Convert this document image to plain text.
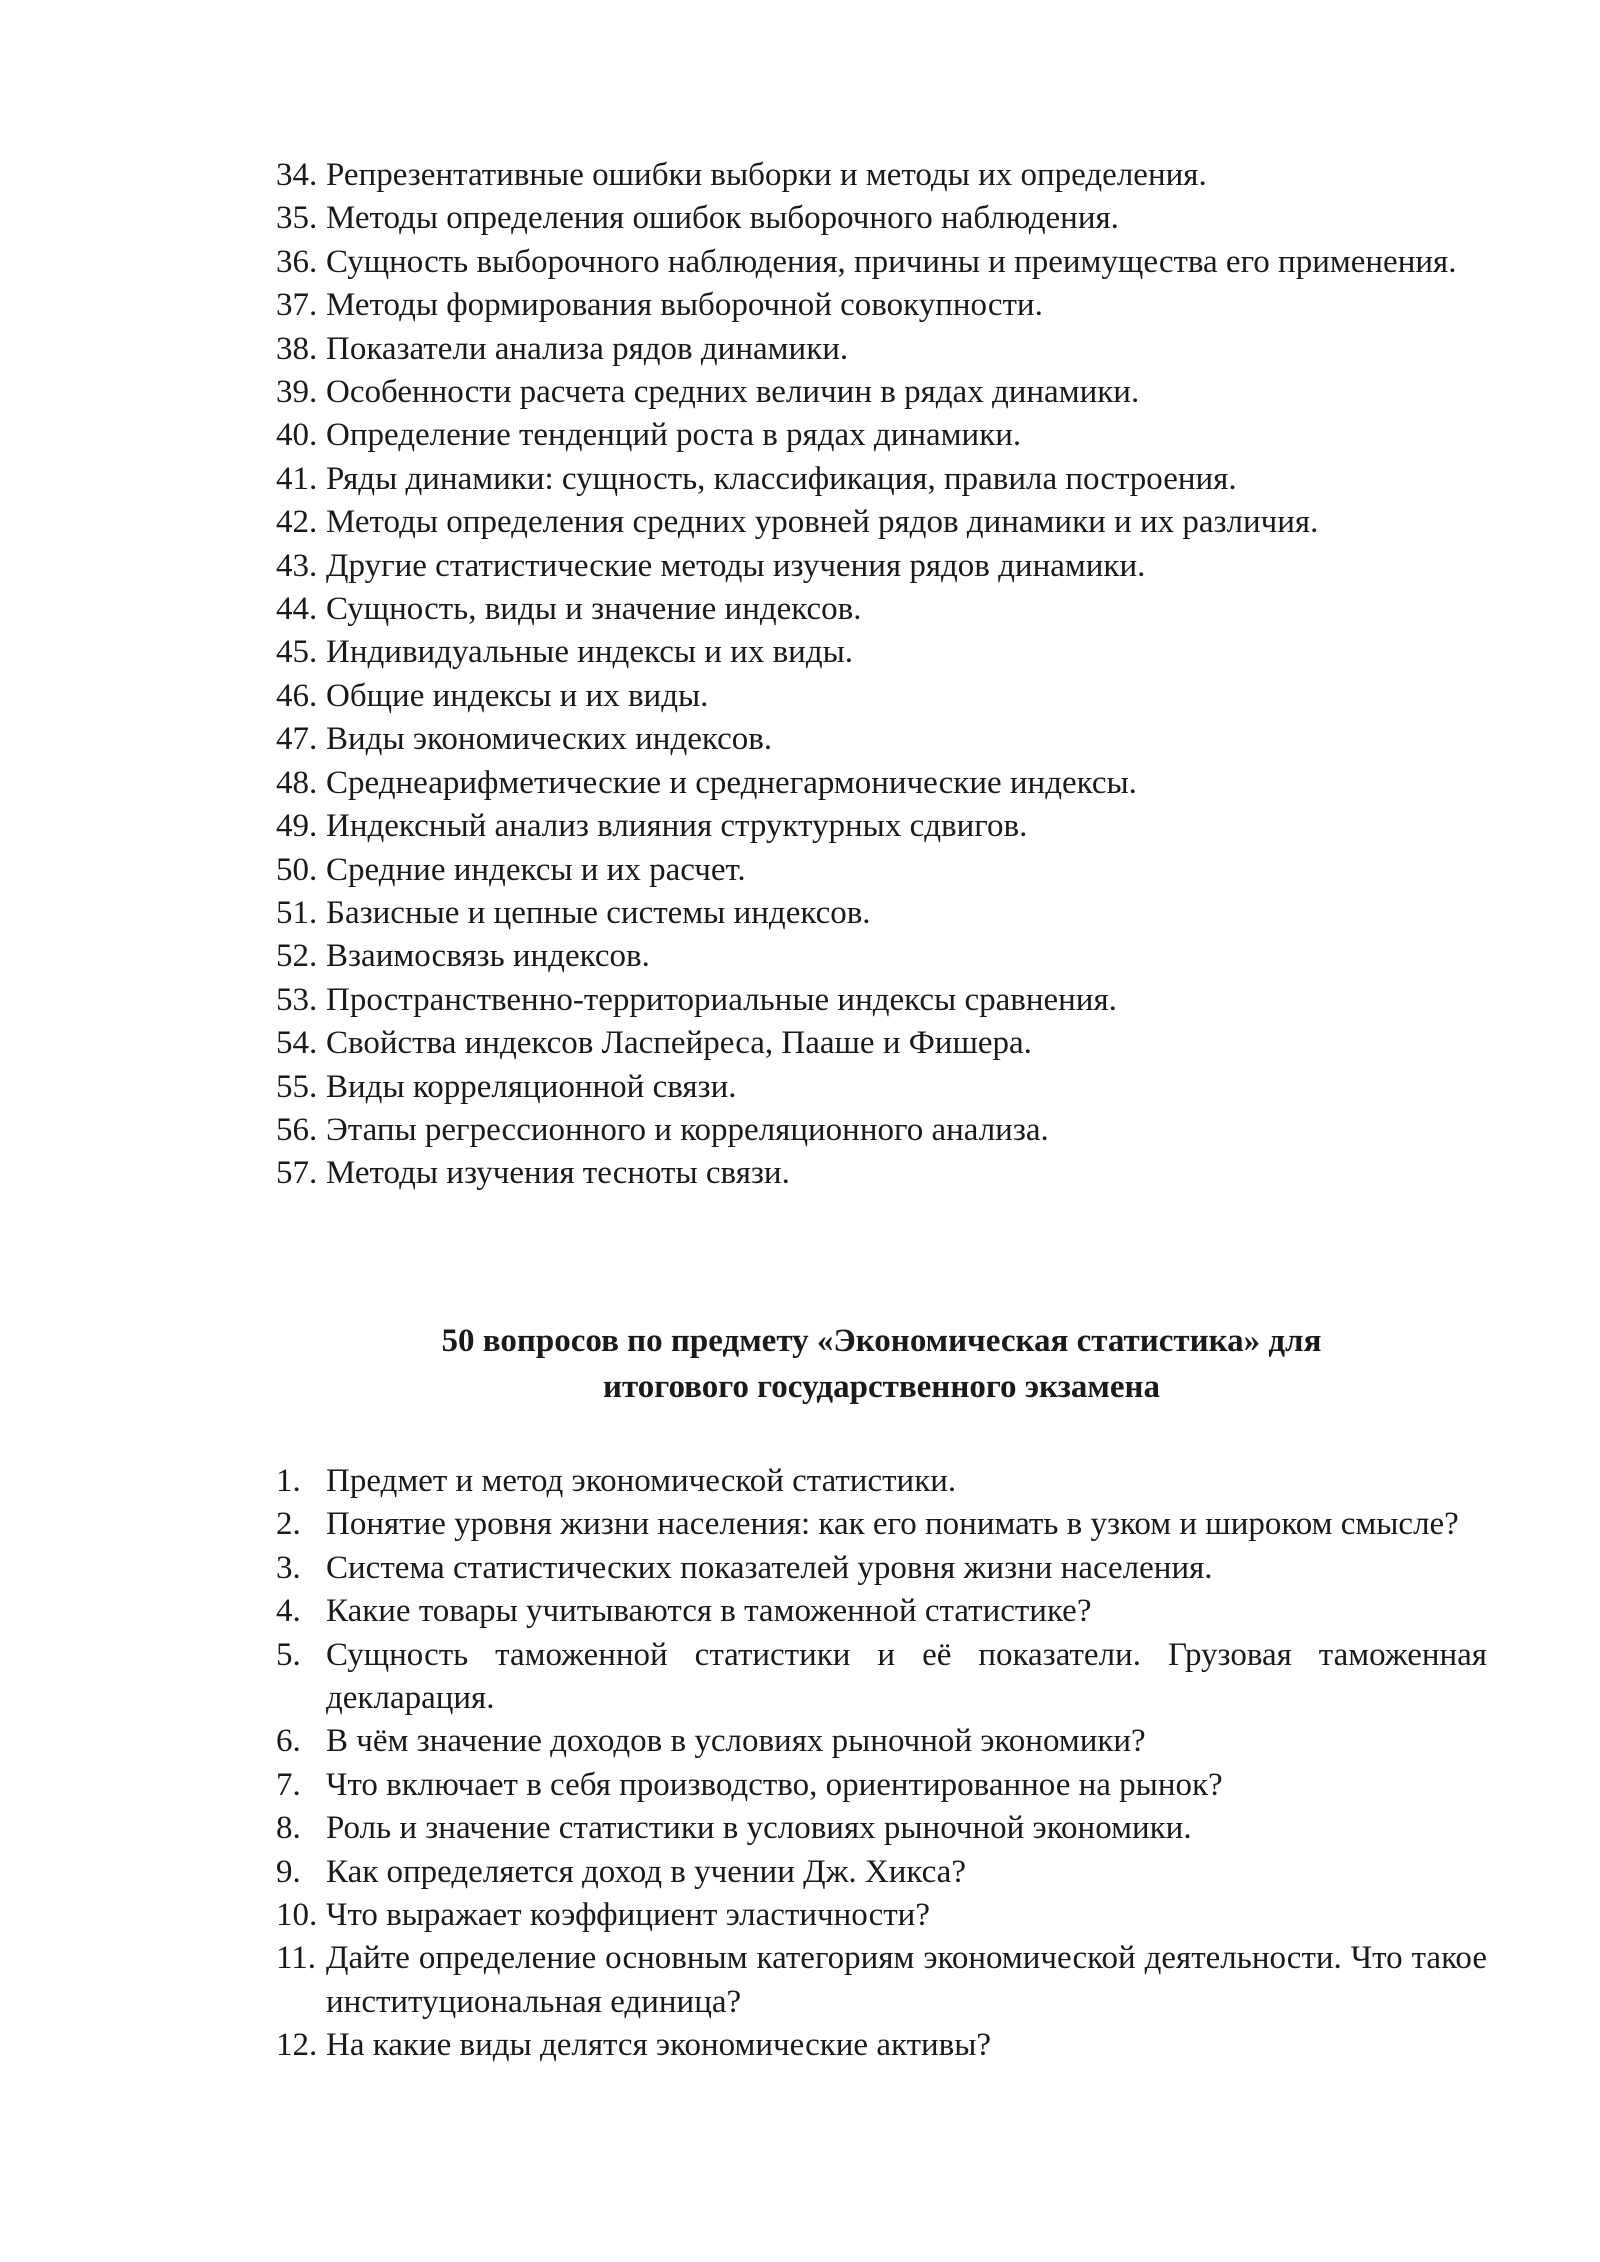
34. Репрезентативные ошибки выборки и методы их определения.
35. Методы определения ошибок выборочного наблюдения.
36. Сущность выборочного наблюдения, причины и преимущества его применения.
37. Методы формирования выборочной совокупности.
38. Показатели анализа рядов динамики.
39. Особенности расчета средних величин в рядах динамики.
40. Определение тенденций роста в рядах динамики.
41. Ряды динамики: сущность, классификация, правила построения.
42. Методы определения средних уровней рядов динамики и их различия.
43. Другие статистические методы изучения рядов динамики.
44. Сущность, виды и значение индексов.
45. Индивидуальные индексы и их виды.
46. Общие индексы и их виды.
47. Виды экономических индексов.
48. Среднеарифметические и среднегармонические индексы.
49. Индексный анализ влияния структурных сдвигов.
50. Средние индексы и их расчет.
51. Базисные и цепные системы индексов.
52. Взаимосвязь индексов.
53. Пространственно-территориальные индексы сравнения.
54. Свойства индексов Ласпейреса, Пааше и Фишера.
55. Виды корреляционной связи.
56. Этапы регрессионного и корреляционного анализа.
57. Методы изучения тесноты связи.
50 вопросов по предмету «Экономическая статистика» для
итогового государственного экзамена
1. Предмет и метод экономической статистики.
2. Понятие уровня жизни населения: как его понимать в узком и широком смысле?
3. Система статистических показателей уровня жизни населения.
4. Какие товары учитываются в таможенной статистике?
5. Сущность таможенной статистики и её показатели. Грузовая таможенная декларация.
6. В чём значение доходов в условиях рыночной экономики?
7. Что включает в себя производство, ориентированное на рынок?
8. Роль и значение статистики в условиях рыночной экономики.
9. Как определяется доход в учении Дж. Хикса?
10. Что выражает коэффициент эластичности?
11. Дайте определение основным категориям экономической деятельности. Что такое институциональная единица?
12. На какие виды делятся экономические активы?
